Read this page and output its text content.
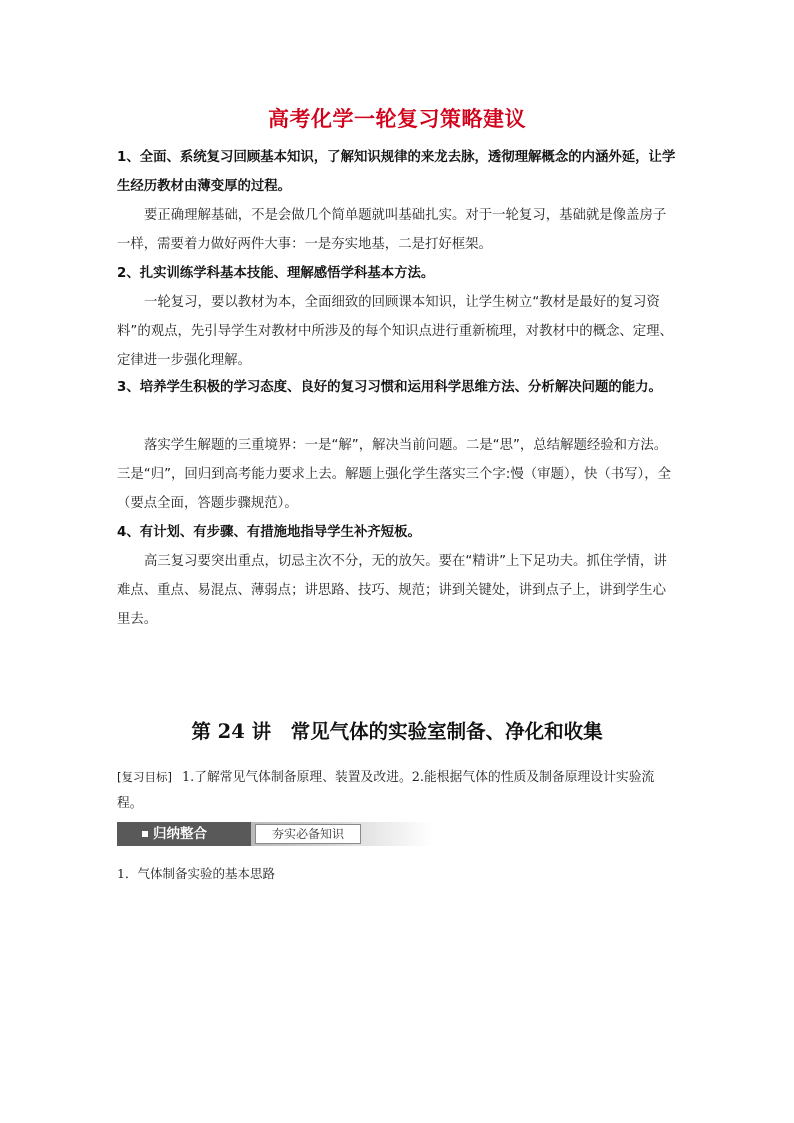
高考化学一轮复习策略建议
1、全面、系统复习回顾基本知识，了解知识规律的来龙去脉，透彻理解概念的内涵外延，让学生经历教材由薄变厚的过程。
要正确理解基础，不是会做几个简单题就叫基础扎实。对于一轮复习，基础就是像盖房子一样，需要着力做好两件大事：一是夯实地基，二是打好框架。
2、扎实训练学科基本技能、理解感悟学科基本方法。
一轮复习，要以教材为本，全面细致的回顾课本知识，让学生树立“教材是最好的复习资料”的观点，先引导学生对教材中所涉及的每个知识点进行重新梳理，对教材中的概念、定理、定律进一步强化理解。
3、培养学生积极的学习态度、良好的复习习惯和运用科学思维方法、分析解决问题的能力。
落实学生解题的三重境界：一是“解”，解决当前问题。二是“思”，总结解题经验和方法。三是“归”，回归到高考能力要求上去。解题上强化学生落实三个字:慢（审题），快（书写），全（要点全面，答题步骤规范）。
4、有计划、有步骤、有措施地指导学生补齐短板。
高三复习要突出重点，切忌主次不分，无的放矢。要在“精讲”上下足功夫。抓住学情，讲难点、重点、易混点、薄弱点；讲思路、技巧、规范；讲到关键处，讲到点子上，讲到学生心里去。
第 24 讲　常见气体的实验室制备、净化和收集
[复习目标] 1.了解常见气体制备原理、装置及改进。2.能根据气体的性质及制备原理设计实验流程。
归纳整合	夯实必备知识
1．气体制备实验的基本思路
